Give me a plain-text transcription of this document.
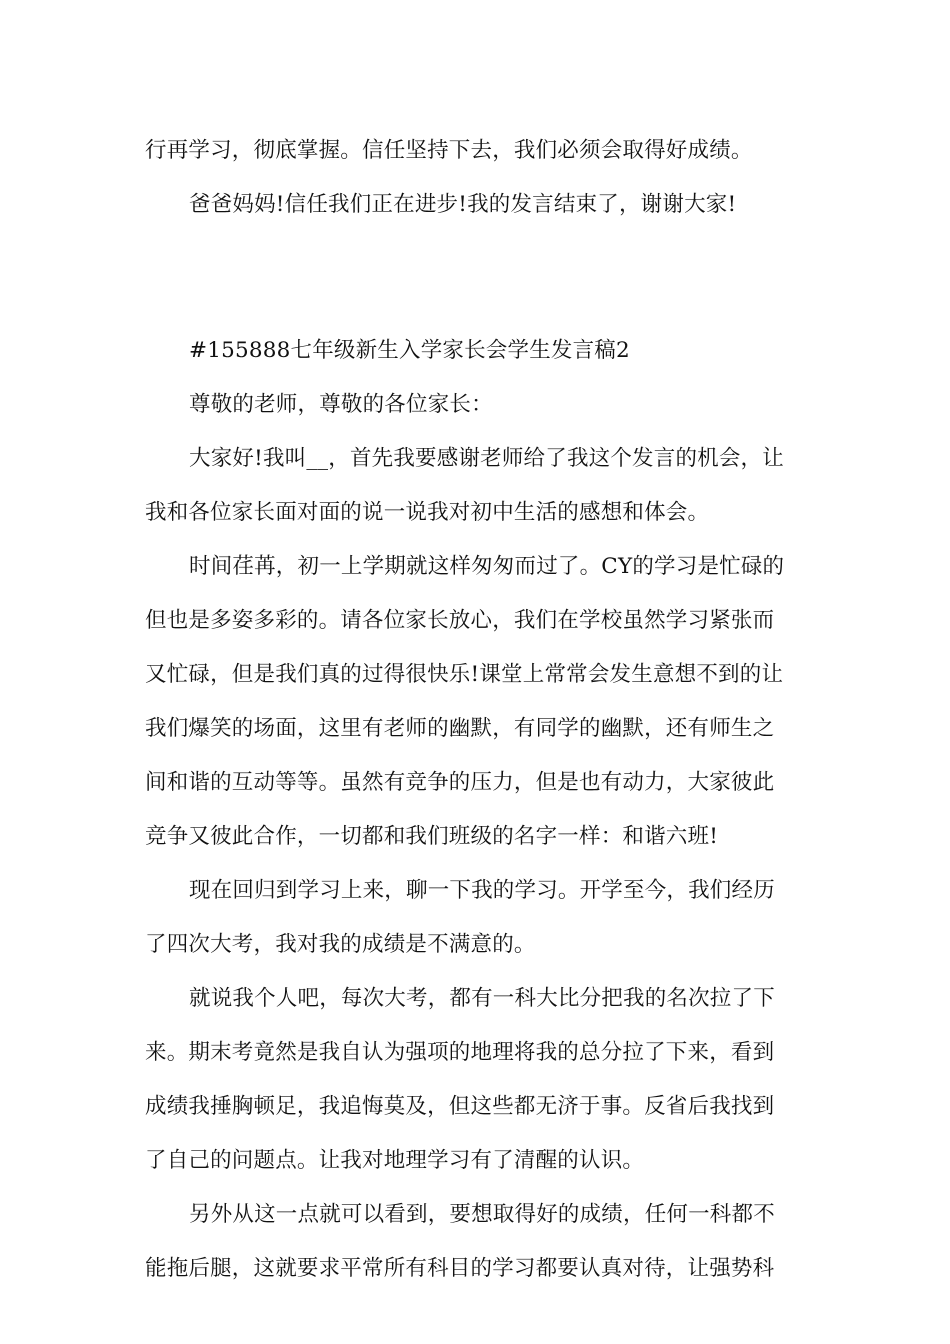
行再学习，彻底掌握。信任坚持下去，我们必须会取得好成绩。
爸爸妈妈!信任我们正在进步!我的发言结束了，谢谢大家!
#155888七年级新生入学家长会学生发言稿2
尊敬的老师，尊敬的各位家长：
大家好!我叫__，首先我要感谢老师给了我这个发言的机会，让
我和各位家长面对面的说一说我对初中生活的感想和体会。
时间荏苒，初一上学期就这样匆匆而过了。CY的学习是忙碌的
但也是多姿多彩的。请各位家长放心，我们在学校虽然学习紧张而
又忙碌，但是我们真的过得很快乐!课堂上常常会发生意想不到的让
我们爆笑的场面，这里有老师的幽默，有同学的幽默，还有师生之
间和谐的互动等等。虽然有竞争的压力，但是也有动力，大家彼此
竞争又彼此合作，一切都和我们班级的名字一样：和谐六班!
现在回归到学习上来，聊一下我的学习。开学至今，我们经历
了四次大考，我对我的成绩是不满意的。
就说我个人吧，每次大考，都有一科大比分把我的名次拉了下
来。期末考竟然是我自认为强项的地理将我的总分拉了下来，看到
成绩我捶胸顿足，我追悔莫及，但这些都无济于事。反省后我找到
了自己的问题点。让我对地理学习有了清醒的认识。
另外从这一点就可以看到，要想取得好的成绩，任何一科都不
能拖后腿，这就要求平常所有科目的学习都要认真对待，让强势科
